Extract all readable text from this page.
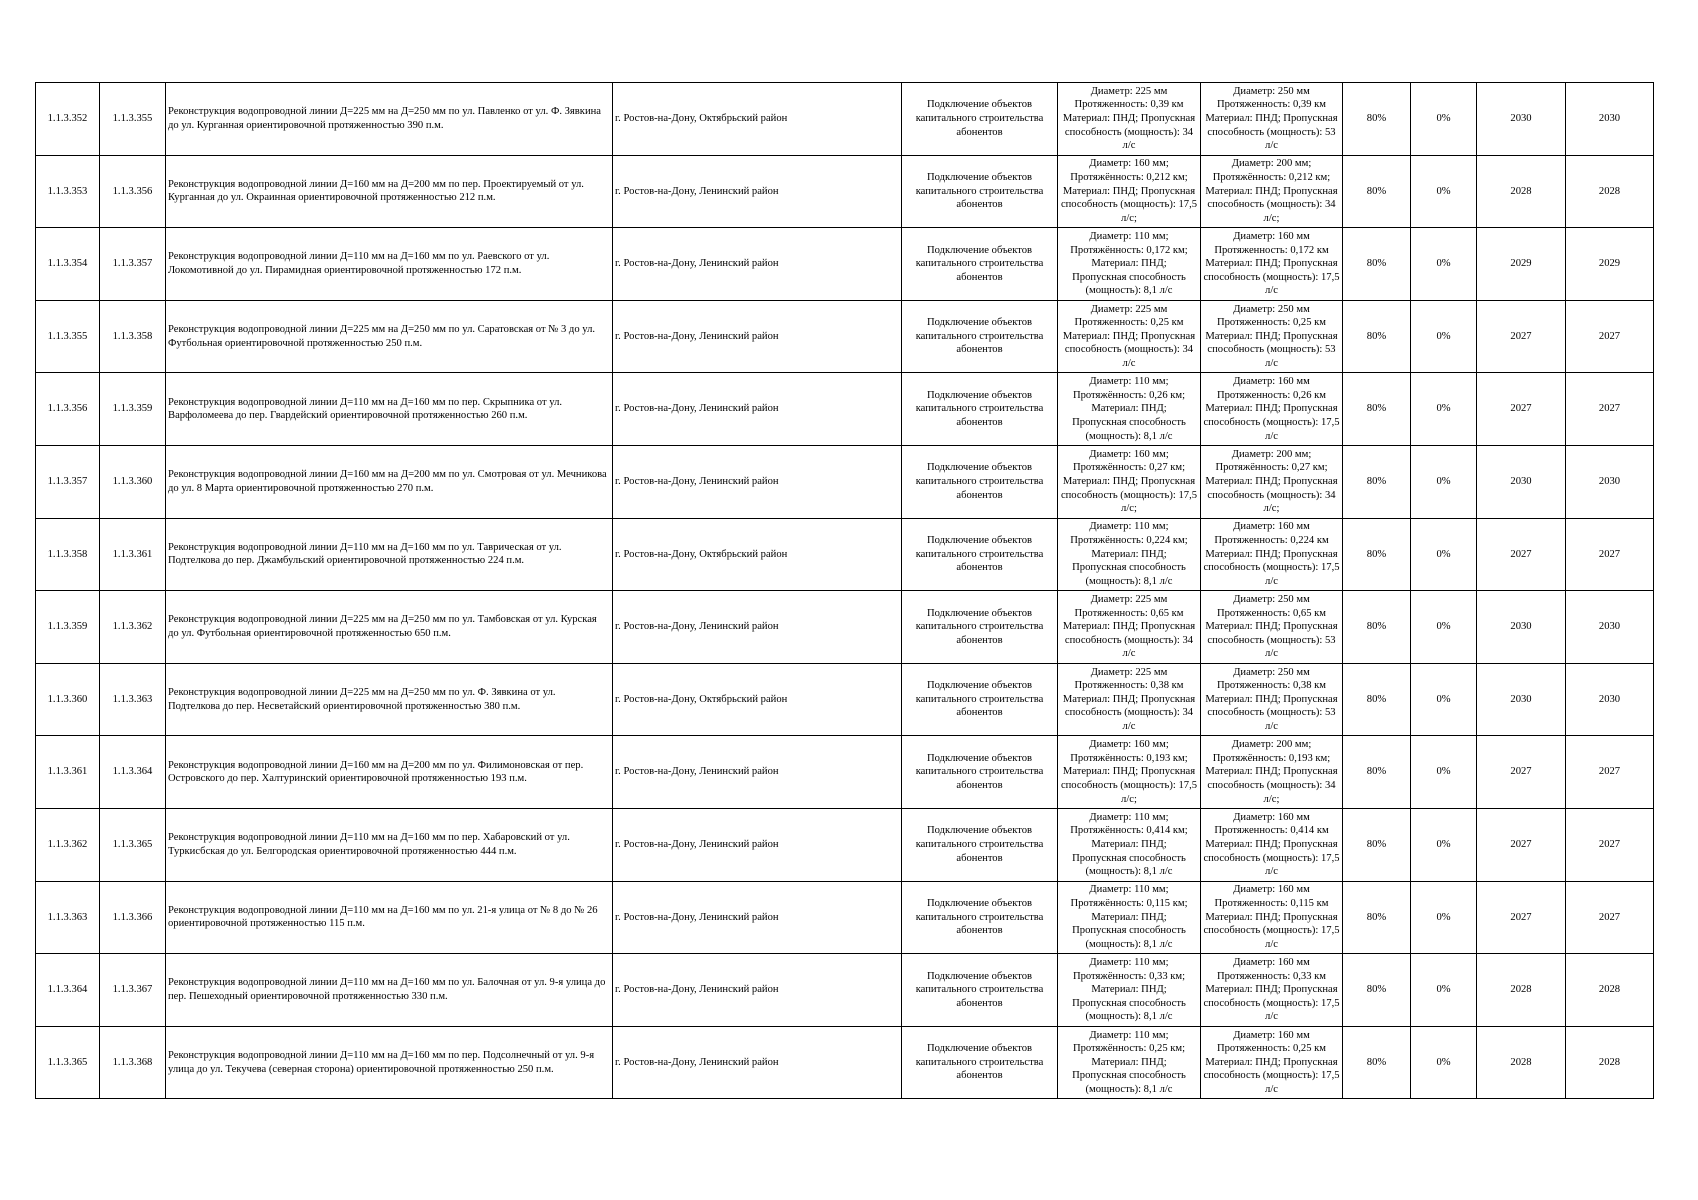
1.1.3.352	1.1.3.355	Реконструкция водопроводной линии Д=225 мм на Д=250 мм по ул. Павленко от ул. Ф. Зявкина до ул. Курганная ориентировочной протяженностью 390 п.м.	г. Ростов-на-Дону, Октябрьский район	Подключение объектов капитального строительства абонентов	Диаметр: 225 мм
Протяженность: 0,39 км
Материал: ПНД; Пропускная способность (мощность): 34 л/с	Диаметр: 250 мм
Протяженность: 0,39 км
Материал: ПНД; Пропускная способность (мощность): 53 л/с	80%	0%	2030	2030
1.1.3.353	1.1.3.356	Реконструкция водопроводной линии Д=160 мм на Д=200 мм по пер. Проектируемый от ул. Курганная до ул. Окраинная ориентировочной протяженностью 212 п.м.	г. Ростов-на-Дону, Ленинский район	Подключение объектов капитального строительства абонентов	Диаметр: 160 мм;
Протяжённость: 0,212 км;
Материал: ПНД; Пропускная способность (мощность): 17,5 л/с;	Диаметр: 200 мм;
Протяжённость: 0,212 км;
Материал: ПНД; Пропускная способность (мощность): 34 л/с;	80%	0%	2028	2028
1.1.3.354	1.1.3.357	Реконструкция водопроводной линии Д=110 мм на Д=160 мм по ул. Раевского от ул. Локомотивной до ул. Пирамидная ориентировочной протяженностью 172 п.м.	г. Ростов-на-Дону, Ленинский район	Подключение объектов капитального строительства абонентов	Диаметр: 110 мм;
Протяжённость: 0,172 км;
Материал: ПНД;
Пропускная способность (мощность): 8,1 л/с	Диаметр: 160 мм
Протяженность: 0,172 км
Материал: ПНД; Пропускная способность (мощность): 17,5 л/с	80%	0%	2029	2029
1.1.3.355	1.1.3.358	Реконструкция водопроводной линии Д=225 мм на Д=250 мм по ул. Саратовская от № 3 до ул. Футбольная ориентировочной протяженностью 250 п.м.	г. Ростов-на-Дону, Ленинский район	Подключение объектов капитального строительства абонентов	Диаметр: 225 мм
Протяженность: 0,25 км
Материал: ПНД; Пропускная способность (мощность): 34 л/с	Диаметр: 250 мм
Протяженность: 0,25 км
Материал: ПНД; Пропускная способность (мощность): 53 л/с	80%	0%	2027	2027
1.1.3.356	1.1.3.359	Реконструкция водопроводной линии Д=110 мм на Д=160 мм по пер. Скрыпника от ул. Варфоломеева до пер. Гвардейский ориентировочной протяженностью 260 п.м.	г. Ростов-на-Дону, Ленинский район	Подключение объектов капитального строительства абонентов	Диаметр: 110 мм;
Протяжённость: 0,26 км;
Материал: ПНД;
Пропускная способность (мощность): 8,1 л/с	Диаметр: 160 мм
Протяженность: 0,26 км
Материал: ПНД; Пропускная способность (мощность): 17,5 л/с	80%	0%	2027	2027
1.1.3.357	1.1.3.360	Реконструкция водопроводной линии Д=160 мм на Д=200 мм по ул. Смотровая от ул. Мечникова до ул. 8 Марта ориентировочной протяженностью 270 п.м.	г. Ростов-на-Дону, Ленинский район	Подключение объектов капитального строительства абонентов	Диаметр: 160 мм;
Протяжённость: 0,27 км;
Материал: ПНД; Пропускная способность (мощность): 17,5 л/с;	Диаметр: 200 мм;
Протяжённость: 0,27 км;
Материал: ПНД; Пропускная способность (мощность): 34 л/с;	80%	0%	2030	2030
1.1.3.358	1.1.3.361	Реконструкция водопроводной линии Д=110 мм на Д=160 мм по ул. Таврическая от ул. Подтелкова до пер. Джамбульский ориентировочной протяженностью 224 п.м.	г. Ростов-на-Дону, Октябрьский район	Подключение объектов капитального строительства абонентов	Диаметр: 110 мм;
Протяжённость: 0,224 км;
Материал: ПНД;
Пропускная способность (мощность): 8,1 л/с	Диаметр: 160 мм
Протяженность: 0,224 км
Материал: ПНД; Пропускная способность (мощность): 17,5 л/с	80%	0%	2027	2027
1.1.3.359	1.1.3.362	Реконструкция водопроводной линии Д=225 мм на Д=250 мм по ул. Тамбовская от ул. Курская до ул. Футбольная ориентировочной протяженностью 650 п.м.	г. Ростов-на-Дону, Ленинский район	Подключение объектов капитального строительства абонентов	Диаметр: 225 мм
Протяженность: 0,65 км
Материал: ПНД; Пропускная способность (мощность): 34 л/с	Диаметр: 250 мм
Протяженность: 0,65 км
Материал: ПНД; Пропускная способность (мощность): 53 л/с	80%	0%	2030	2030
1.1.3.360	1.1.3.363	Реконструкция водопроводной линии Д=225 мм на Д=250 мм по ул. Ф. Зявкина от ул. Подтелкова до пер. Несветайский ориентировочной протяженностью 380 п.м.	г. Ростов-на-Дону, Октябрьский район	Подключение объектов капитального строительства абонентов	Диаметр: 225 мм
Протяженность: 0,38 км
Материал: ПНД; Пропускная способность (мощность): 34 л/с	Диаметр: 250 мм
Протяженность: 0,38 км
Материал: ПНД; Пропускная способность (мощность): 53 л/с	80%	0%	2030	2030
1.1.3.361	1.1.3.364	Реконструкция водопроводной линии Д=160 мм на Д=200 мм по ул. Филимоновская от пер. Островского до пер. Халтуринский ориентировочной протяженностью 193 п.м.	г. Ростов-на-Дону, Ленинский район	Подключение объектов капитального строительства абонентов	Диаметр: 160 мм;
Протяжённость: 0,193 км;
Материал: ПНД; Пропускная способность (мощность): 17,5 л/с;	Диаметр: 200 мм;
Протяжённость: 0,193 км;
Материал: ПНД; Пропускная способность (мощность): 34 л/с;	80%	0%	2027	2027
1.1.3.362	1.1.3.365	Реконструкция водопроводной линии Д=110 мм на Д=160 мм по пер. Хабаровский от ул. Туркисбская до ул. Белгородская ориентировочной протяженностью 444 п.м.	г. Ростов-на-Дону, Ленинский район	Подключение объектов капитального строительства абонентов	Диаметр: 110 мм;
Протяжённость: 0,414 км;
Материал: ПНД;
Пропускная способность (мощность): 8,1 л/с	Диаметр: 160 мм
Протяженность: 0,414 км
Материал: ПНД; Пропускная способность (мощность): 17,5 л/с	80%	0%	2027	2027
1.1.3.363	1.1.3.366	Реконструкция водопроводной линии Д=110 мм на Д=160 мм по ул. 21-я улица от № 8 до № 26 ориентировочной протяженностью 115 п.м.	г. Ростов-на-Дону, Ленинский район	Подключение объектов капитального строительства абонентов	Диаметр: 110 мм;
Протяжённость: 0,115 км;
Материал: ПНД;
Пропускная способность (мощность): 8,1 л/с	Диаметр: 160 мм
Протяженность: 0,115 км
Материал: ПНД; Пропускная способность (мощность): 17,5 л/с	80%	0%	2027	2027
1.1.3.364	1.1.3.367	Реконструкция водопроводной линии Д=110 мм на Д=160 мм по ул. Балочная от ул. 9-я улица до пер. Пешеходный ориентировочной протяженностью 330 п.м.	г. Ростов-на-Дону, Ленинский район	Подключение объектов капитального строительства абонентов	Диаметр: 110 мм;
Протяжённость: 0,33 км;
Материал: ПНД;
Пропускная способность (мощность): 8,1 л/с	Диаметр: 160 мм
Протяженность: 0,33 км
Материал: ПНД; Пропускная способность (мощность): 17,5 л/с	80%	0%	2028	2028
1.1.3.365	1.1.3.368	Реконструкция водопроводной линии Д=110 мм на Д=160 мм по пер. Подсолнечный от ул. 9-я улица до ул. Текучева (северная сторона) ориентировочной протяженностью 250 п.м.	г. Ростов-на-Дону, Ленинский район	Подключение объектов капитального строительства абонентов	Диаметр: 110 мм;
Протяжённость: 0,25 км;
Материал: ПНД;
Пропускная способность (мощность): 8,1 л/с	Диаметр: 160 мм
Протяженность: 0,25 км
Материал: ПНД; Пропускная способность (мощность): 17,5 л/с	80%	0%	2028	2028
